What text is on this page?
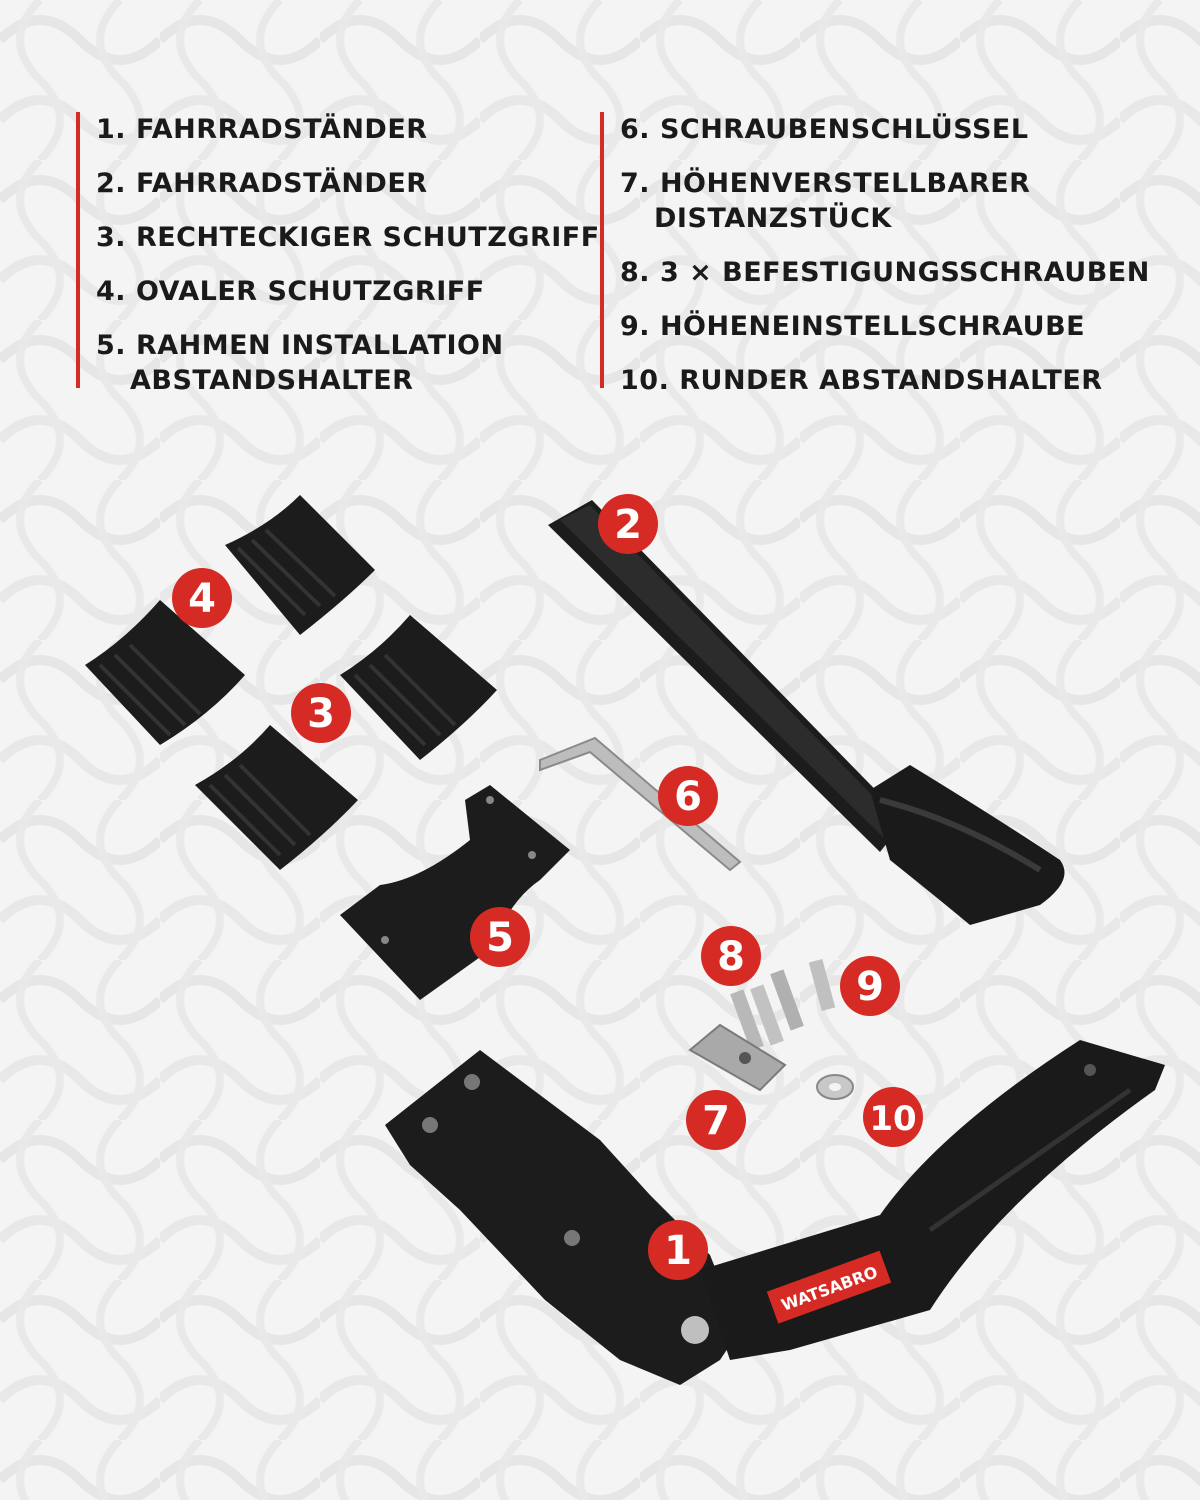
1. FAHRRADSTÄNDER
2. FAHRRADSTÄNDER
3. RECHTECKIGER SCHUTZGRIFF
4. OVALER SCHUTZGRIFF
5. RAHMEN INSTALLATION
ABSTANDSHALTER
6. SCHRAUBENSCHLÜSSEL
7. HÖHENVERSTELLBARER
DISTANZSTÜCK
8. 3 × BEFESTIGUNGSSCHRAUBEN
9. HÖHENEINSTELLSCHRAUBE
10. RUNDER ABSTANDSHALTER
WATSABRO
1
2
3
4
5
6
7
8
9
10
